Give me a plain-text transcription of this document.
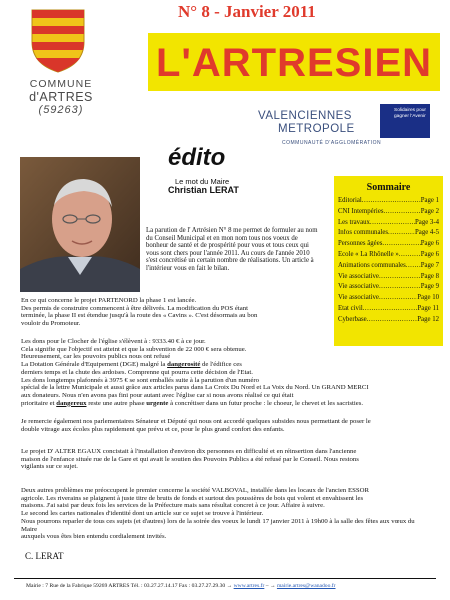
COMMUNE
d'ARTRES
(59263)
N° 8 - Janvier 2011
L'ARTRESIEN
VALENCIENNES
METROPOLE
COMMUNAUTÉ D'AGGLOMÉRATION
Solidaires pour gagner l'Avenir
édito
Le mot du Maire
Christian LERAT
La parution de l' Artrésien N° 8 me permet de formuler au nom du Conseil Municipal et en mon nom tous nos voeux de bonheur de santé et de prospérité pour vous et tous ceux qui vous sont chers pour l'année 2011. Au cours de l'année 2010 s'est concrétisé un certain nombre de réalisations. Un article à l'intérieur vous en fait le bilan.
Sommaire
Éditorial .....	Page 1
CNI Intempéries .....	Page 2
Les travaux .....	Page 3-4
Infos communales .....	Page 4-5
Personnes âgées .....	Page 6
Ecole « La Rhônelle » .....	Page 6
Animations communales ..... Page 7
Vie associative .....	Page 8
Vie associative .....	Page 9
Vie associative .....	Page 10
Etat civil .....	Page 11
Cyberbase .....	Page 12

En ce qui concerne le projet PARTENORD la phase 1 est lancée.

Des permis de construire commencent à être délivrés. La modification du POS étant

terminée, la phase II est étendue jusqu'à la route des « Cavins ». C'est désormais au bon

vouloir du Promoteur.

Les dons pour le Clocher de l'église s'élèvent à : 9333.40 € à ce jour.

Cela signifie que l'objectif est atteint et que la subvention de 22 000 € sera obtenue.

Heureusement, car les pouvoirs publics nous ont refusé

La Dotation Générale d'Equipement (DGE) malgré la dangerosité de l'édifice ces

derniers temps et la chute des ardoises. Comprenne qui pourra cette décision de l'Etat.

Les dons longtemps plafonnés à 3975 € se sont emballés suite à la parution d'un numéro

spécial de la lettre Municipale et aussi grâce aux articles parus dans La Croix Du Nord et La Voix du Nord. Un GRAND MERCI

aux donateurs. Nous n'en avons pas fini pour autant avec l'église car si nous avons réalisé ce qui était

prioritaire et dangereux reste une autre phase urgente à concrétiser dans un futur proche : le choeur, le chevet et les sacristies.

Je remercie également nos parlementaires Sénateur et Député qui nous ont accordé quelques subsides nous permettant de poser le

double vitrage aux écoles plus rapidement que prévu et ce, pour le plus grand confort des enfants.

Le projet D' ALTER EGAUX concistait à l'installation d'environ dix personnes en difficulté et en réinsertion dans l'ancienne

maison de l'enfance située rue de la Gare et qui avait le soutien des Pouvoirs Publics a été refusé par le Conseil. Nous restons

vigilants sur ce sujet.

Deux autres problèmes me préoccupent le premier concerne la société VALBOVAL, installée dans les locaux de l'ancien ESSOR

agricole. Les riverains se plaignent à juste titre de bruits de fonds et surtout des poussières de bois qui volent et envahissent les

maisons. J'ai saisi par deux fois les services de la Préfecture mais sans résultat concret à ce jour. Affaire à suivre.

Le second les cartes nationales d'identité dont un article sur ce sujet se trouve à l'intérieur.

Nous pourrons reparler de tous ces sujets (et d'autres) lors de la soirée des voeux le lundi 17 janvier 2011 à 19h00 à la salle des fêtes aux vœux du Maire

auxquels vous êtes bien entendu cordialement invités.

C. LERAT
Mairie : 7 Rue de la Fabrique 59269 ARTRES Tél. : 03.27.27.14.17 Fax : 03.27.27.29.30 → www.artres.fr – → mairie.artres@wanadoo.fr
